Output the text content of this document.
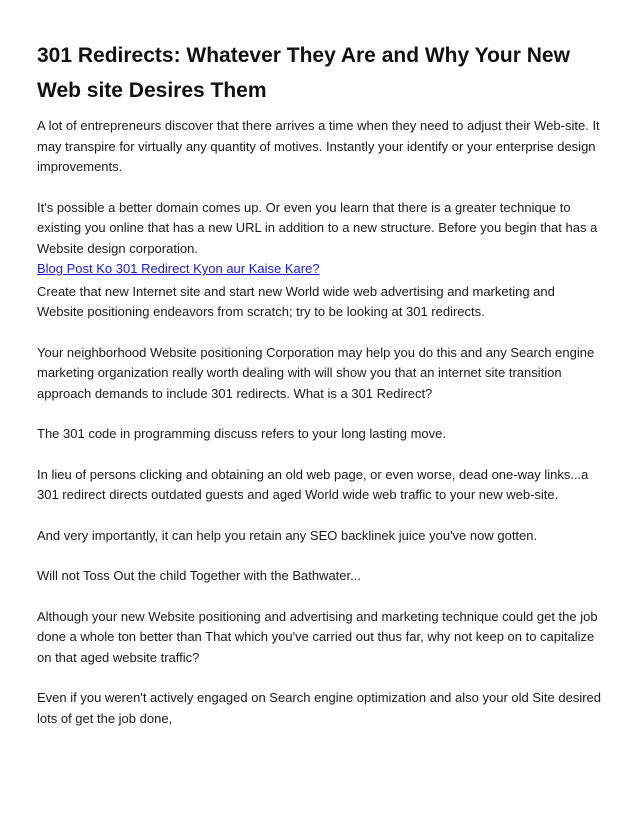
301 Redirects: Whatever They Are and Why Your New Web site Desires Them

A lot of entrepreneurs discover that there arrives a time when they need to adjust their Web-site. It may transpire for virtually any quantity of motives. Instantly your identify or your enterprise design improvements.

It's possible a better domain comes up. Or even you learn that there is a greater technique to existing you online that has a new URL in addition to a new structure. Before you begin that has a Website design corporation.

Blog Post Ko 301 Redirect Kyon aur Kaise Kare?

Create that new Internet site and start new World wide web advertising and marketing and Website positioning endeavors from scratch; try to be looking at 301 redirects.

Your neighborhood Website positioning Corporation may help you do this and any Search engine marketing organization really worth dealing with will show you that an internet site transition approach demands to include 301 redirects. What is a 301 Redirect?

The 301 code in programming discuss refers to your long lasting move.

In lieu of persons clicking and obtaining an old web page, or even worse, dead one-way links...a 301 redirect directs outdated guests and aged World wide web traffic to your new web-site.

And very importantly, it can help you retain any SEO backlinek juice you've now gotten.

Will not Toss Out the child Together with the Bathwater...

Although your new Website positioning and advertising and marketing technique could get the job done a whole ton better than That which you've carried out thus far, why not keep on to capitalize on that aged website traffic?

Even if you weren't actively engaged on Search engine optimization and also your old Site desired lots of get the job done,
